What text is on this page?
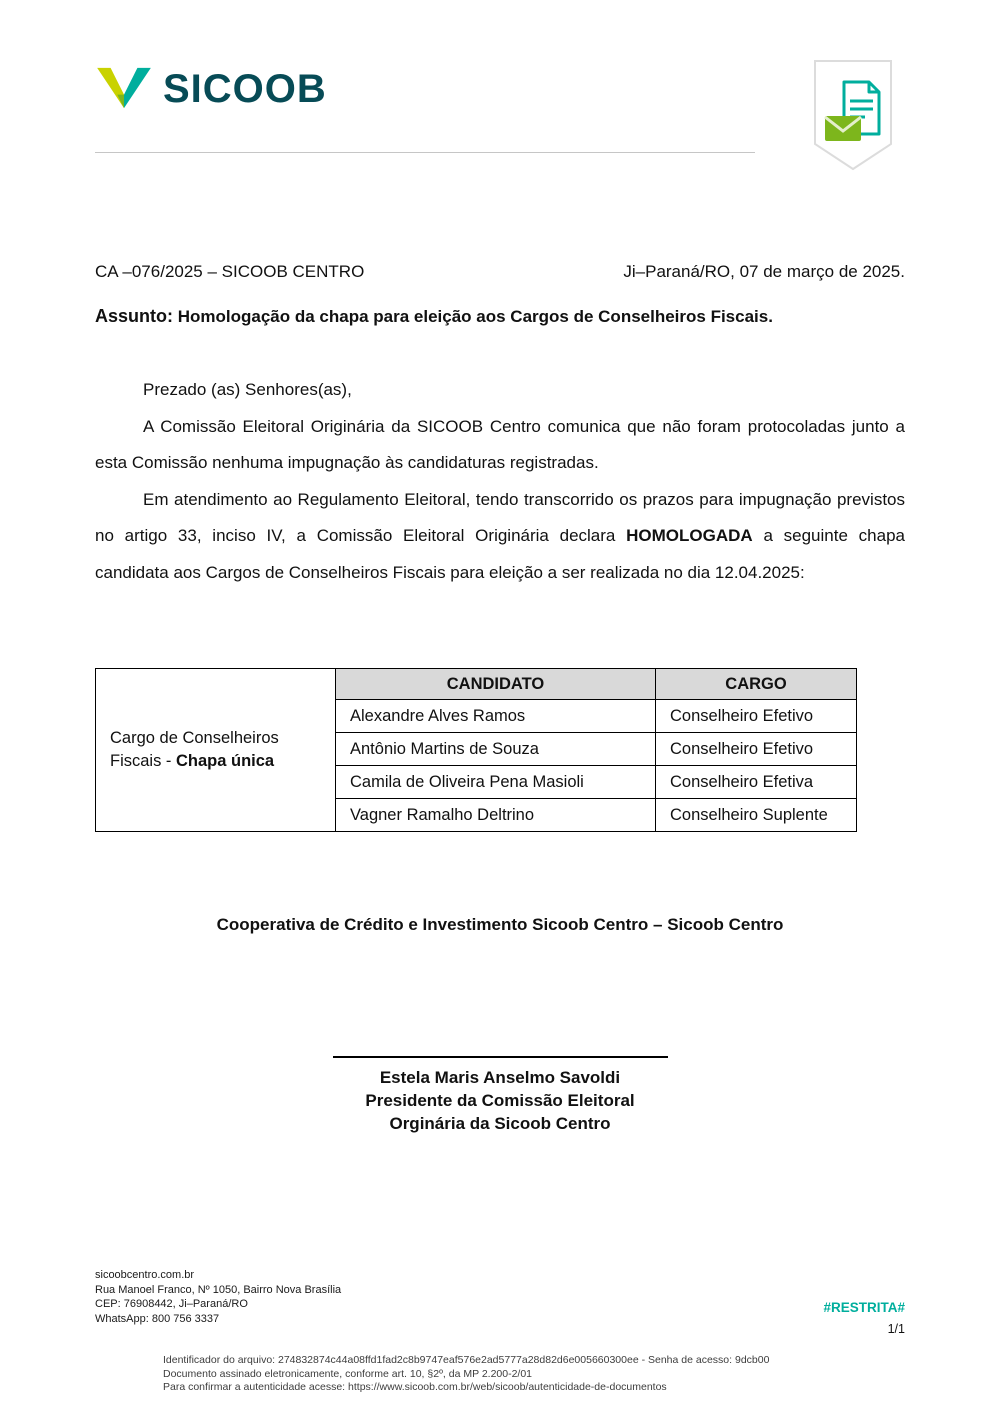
SICOOB
CA –076/2025 – SICOOB CENTRO	Ji–Paraná/RO, 07 de março de 2025.
Assunto: Homologação da chapa para eleição aos Cargos de Conselheiros Fiscais.

Prezado (as) Senhores(as),

A Comissão Eleitoral Originária da SICOOB Centro comunica que não foram protocoladas junto a esta Comissão nenhuma impugnação às candidaturas registradas.

Em atendimento ao Regulamento Eleitoral, tendo transcorrido os prazos para impugnação previstos no artigo 33, inciso IV, a Comissão Eleitoral Originária declara HOMOLOGADA a seguinte chapa candidata aos Cargos de Conselheiros Fiscais para eleição a ser realizada no dia 12.04.2025:

Cargo de Conselheiros Fiscais - Chapa única	CANDIDATO	CARGO
	Alexandre Alves Ramos	Conselheiro Efetivo
	Antônio Martins de Souza	Conselheiro Efetivo
	Camila de Oliveira Pena Masioli	Conselheiro Efetiva
	Vagner Ramalho Deltrino	Conselheiro Suplente
Cooperativa de Crédito e Investimento Sicoob Centro – Sicoob Centro
Estela Maris Anselmo Savoldi
Presidente da Comissão Eleitoral
Orginária da Sicoob Centro
sicoobcentro.com.br
Rua Manoel Franco, Nº 1050, Bairro Nova Brasília
CEP: 76908442, Ji–Paraná/RO
WhatsApp: 800 756 3337
#RESTRITA#
1/1
Identificador do arquivo: 274832874c44a08ffd1fad2c8b9747eaf576e2ad5777a28d82d6e005660300ee - Senha de acesso: 9dcb00
Documento assinado eletronicamente, conforme art. 10, §2º, da MP 2.200-2/01
Para confirmar a autenticidade acesse: https://www.sicoob.com.br/web/sicoob/autenticidade-de-documentos
